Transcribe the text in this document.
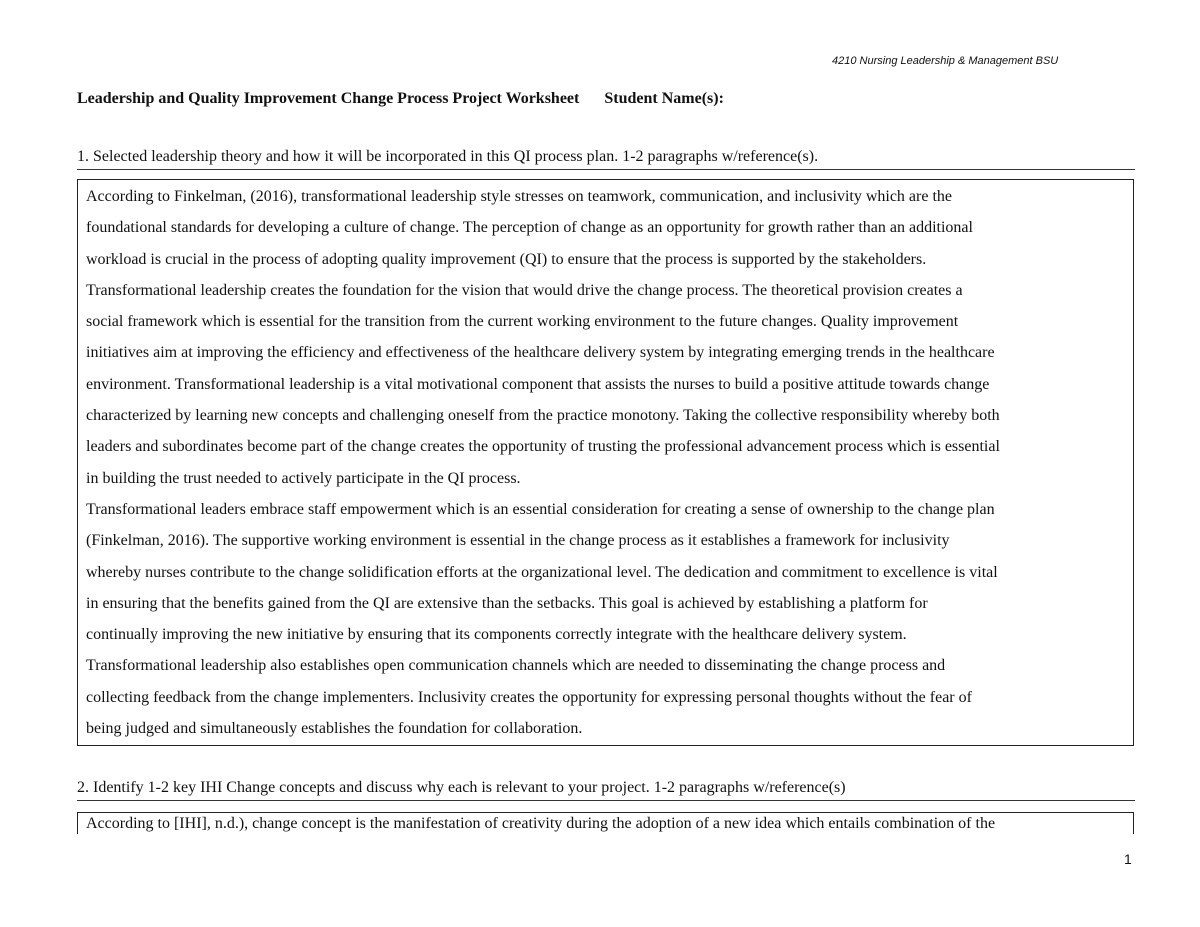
4210 Nursing Leadership & Management BSU
Leadership and Quality Improvement Change Process Project Worksheet Student Name(s):
1. Selected leadership theory and how it will be incorporated in this QI process plan. 1-2 paragraphs w/reference(s).
According to Finkelman, (2016), transformational leadership style stresses on teamwork, communication, and inclusivity which are the
foundational standards for developing a culture of change. The perception of change as an opportunity for growth rather than an additional
workload is crucial in the process of adopting quality improvement (QI) to ensure that the process is supported by the stakeholders.
Transformational leadership creates the foundation for the vision that would drive the change process. The theoretical provision creates a
social framework which is essential for the transition from the current working environment to the future changes. Quality improvement
initiatives aim at improving the efficiency and effectiveness of the healthcare delivery system by integrating emerging trends in the healthcare
environment. Transformational leadership is a vital motivational component that assists the nurses to build a positive attitude towards change
characterized by learning new concepts and challenging oneself from the practice monotony. Taking the collective responsibility whereby both
leaders and subordinates become part of the change creates the opportunity of trusting the professional advancement process which is essential
in building the trust needed to actively participate in the QI process.
Transformational leaders embrace staff empowerment which is an essential consideration for creating a sense of ownership to the change plan
(Finkelman, 2016). The supportive working environment is essential in the change process as it establishes a framework for inclusivity
whereby nurses contribute to the change solidification efforts at the organizational level. The dedication and commitment to excellence is vital
in ensuring that the benefits gained from the QI are extensive than the setbacks. This goal is achieved by establishing a platform for
continually improving the new initiative by ensuring that its components correctly integrate with the healthcare delivery system.
Transformational leadership also establishes open communication channels which are needed to disseminating the change process and
collecting feedback from the change implementers. Inclusivity creates the opportunity for expressing personal thoughts without the fear of
being judged and simultaneously establishes the foundation for collaboration.
2. Identify 1-2 key IHI Change concepts and discuss why each is relevant to your project. 1-2 paragraphs w/reference(s)
According to [IHI], n.d.), change concept is the manifestation of creativity during the adoption of a new idea which entails combination of the
1
